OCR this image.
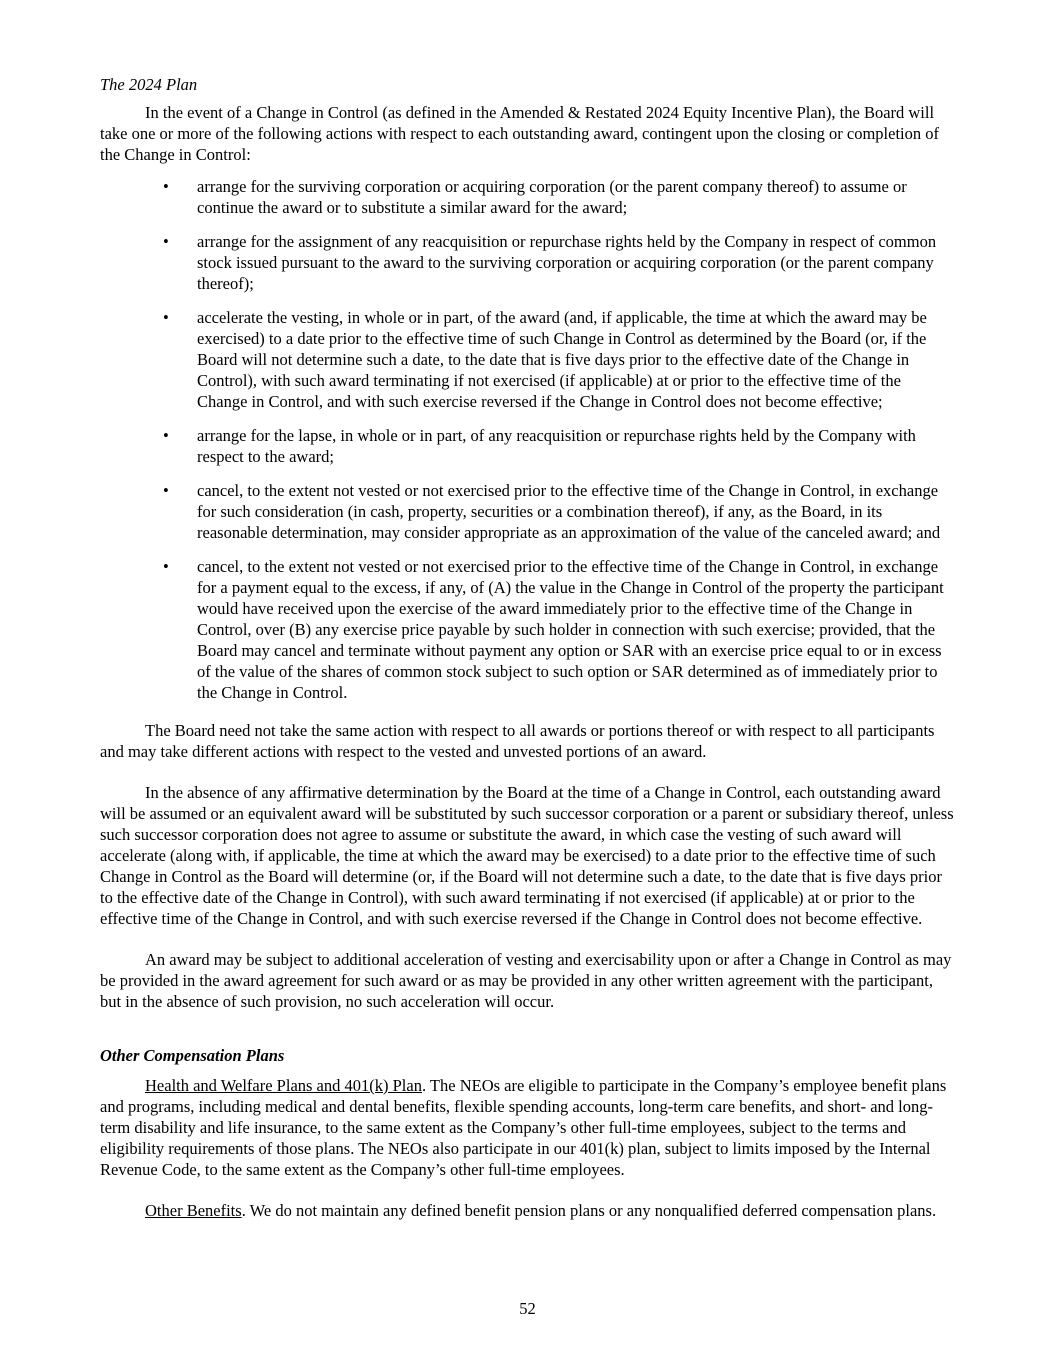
The 2024 Plan

In the event of a Change in Control (as defined in the Amended & Restated 2024 Equity Incentive Plan), the Board will take one or more of the following actions with respect to each outstanding award, contingent upon the closing or completion of the Change in Control:

• arrange for the surviving corporation or acquiring corporation (or the parent company thereof) to assume or continue the award or to substitute a similar award for the award;
• arrange for the assignment of any reacquisition or repurchase rights held by the Company in respect of common stock issued pursuant to the award to the surviving corporation or acquiring corporation (or the parent company thereof);
• accelerate the vesting, in whole or in part, of the award (and, if applicable, the time at which the award may be exercised) to a date prior to the effective time of such Change in Control as determined by the Board (or, if the Board will not determine such a date, to the date that is five days prior to the effective date of the Change in Control), with such award terminating if not exercised (if applicable) at or prior to the effective time of the Change in Control, and with such exercise reversed if the Change in Control does not become effective;
• arrange for the lapse, in whole or in part, of any reacquisition or repurchase rights held by the Company with respect to the award;
• cancel, to the extent not vested or not exercised prior to the effective time of the Change in Control, in exchange for such consideration (in cash, property, securities or a combination thereof), if any, as the Board, in its reasonable determination, may consider appropriate as an approximation of the value of the canceled award; and
• cancel, to the extent not vested or not exercised prior to the effective time of the Change in Control, in exchange for a payment equal to the excess, if any, of (A) the value in the Change in Control of the property the participant would have received upon the exercise of the award immediately prior to the effective time of the Change in Control, over (B) any exercise price payable by such holder in connection with such exercise; provided, that the Board may cancel and terminate without payment any option or SAR with an exercise price equal to or in excess of the value of the shares of common stock subject to such option or SAR determined as of immediately prior to the Change in Control.

The Board need not take the same action with respect to all awards or portions thereof or with respect to all participants and may take different actions with respect to the vested and unvested portions of an award.

In the absence of any affirmative determination by the Board at the time of a Change in Control, each outstanding award will be assumed or an equivalent award will be substituted by such successor corporation or a parent or subsidiary thereof, unless such successor corporation does not agree to assume or substitute the award, in which case the vesting of such award will accelerate (along with, if applicable, the time at which the award may be exercised) to a date prior to the effective time of such Change in Control as the Board will determine (or, if the Board will not determine such a date, to the date that is five days prior to the effective date of the Change in Control), with such award terminating if not exercised (if applicable) at or prior to the effective time of the Change in Control, and with such exercise reversed if the Change in Control does not become effective.

An award may be subject to additional acceleration of vesting and exercisability upon or after a Change in Control as may be provided in the award agreement for such award or as may be provided in any other written agreement with the participant, but in the absence of such provision, no such acceleration will occur.

Other Compensation Plans

Health and Welfare Plans and 401(k) Plan. The NEOs are eligible to participate in the Company’s employee benefit plans and programs, including medical and dental benefits, flexible spending accounts, long-term care benefits, and short- and long-term disability and life insurance, to the same extent as the Company’s other full-time employees, subject to the terms and eligibility requirements of those plans. The NEOs also participate in our 401(k) plan, subject to limits imposed by the Internal Revenue Code, to the same extent as the Company’s other full-time employees.

Other Benefits. We do not maintain any defined benefit pension plans or any nonqualified deferred compensation plans.

52
